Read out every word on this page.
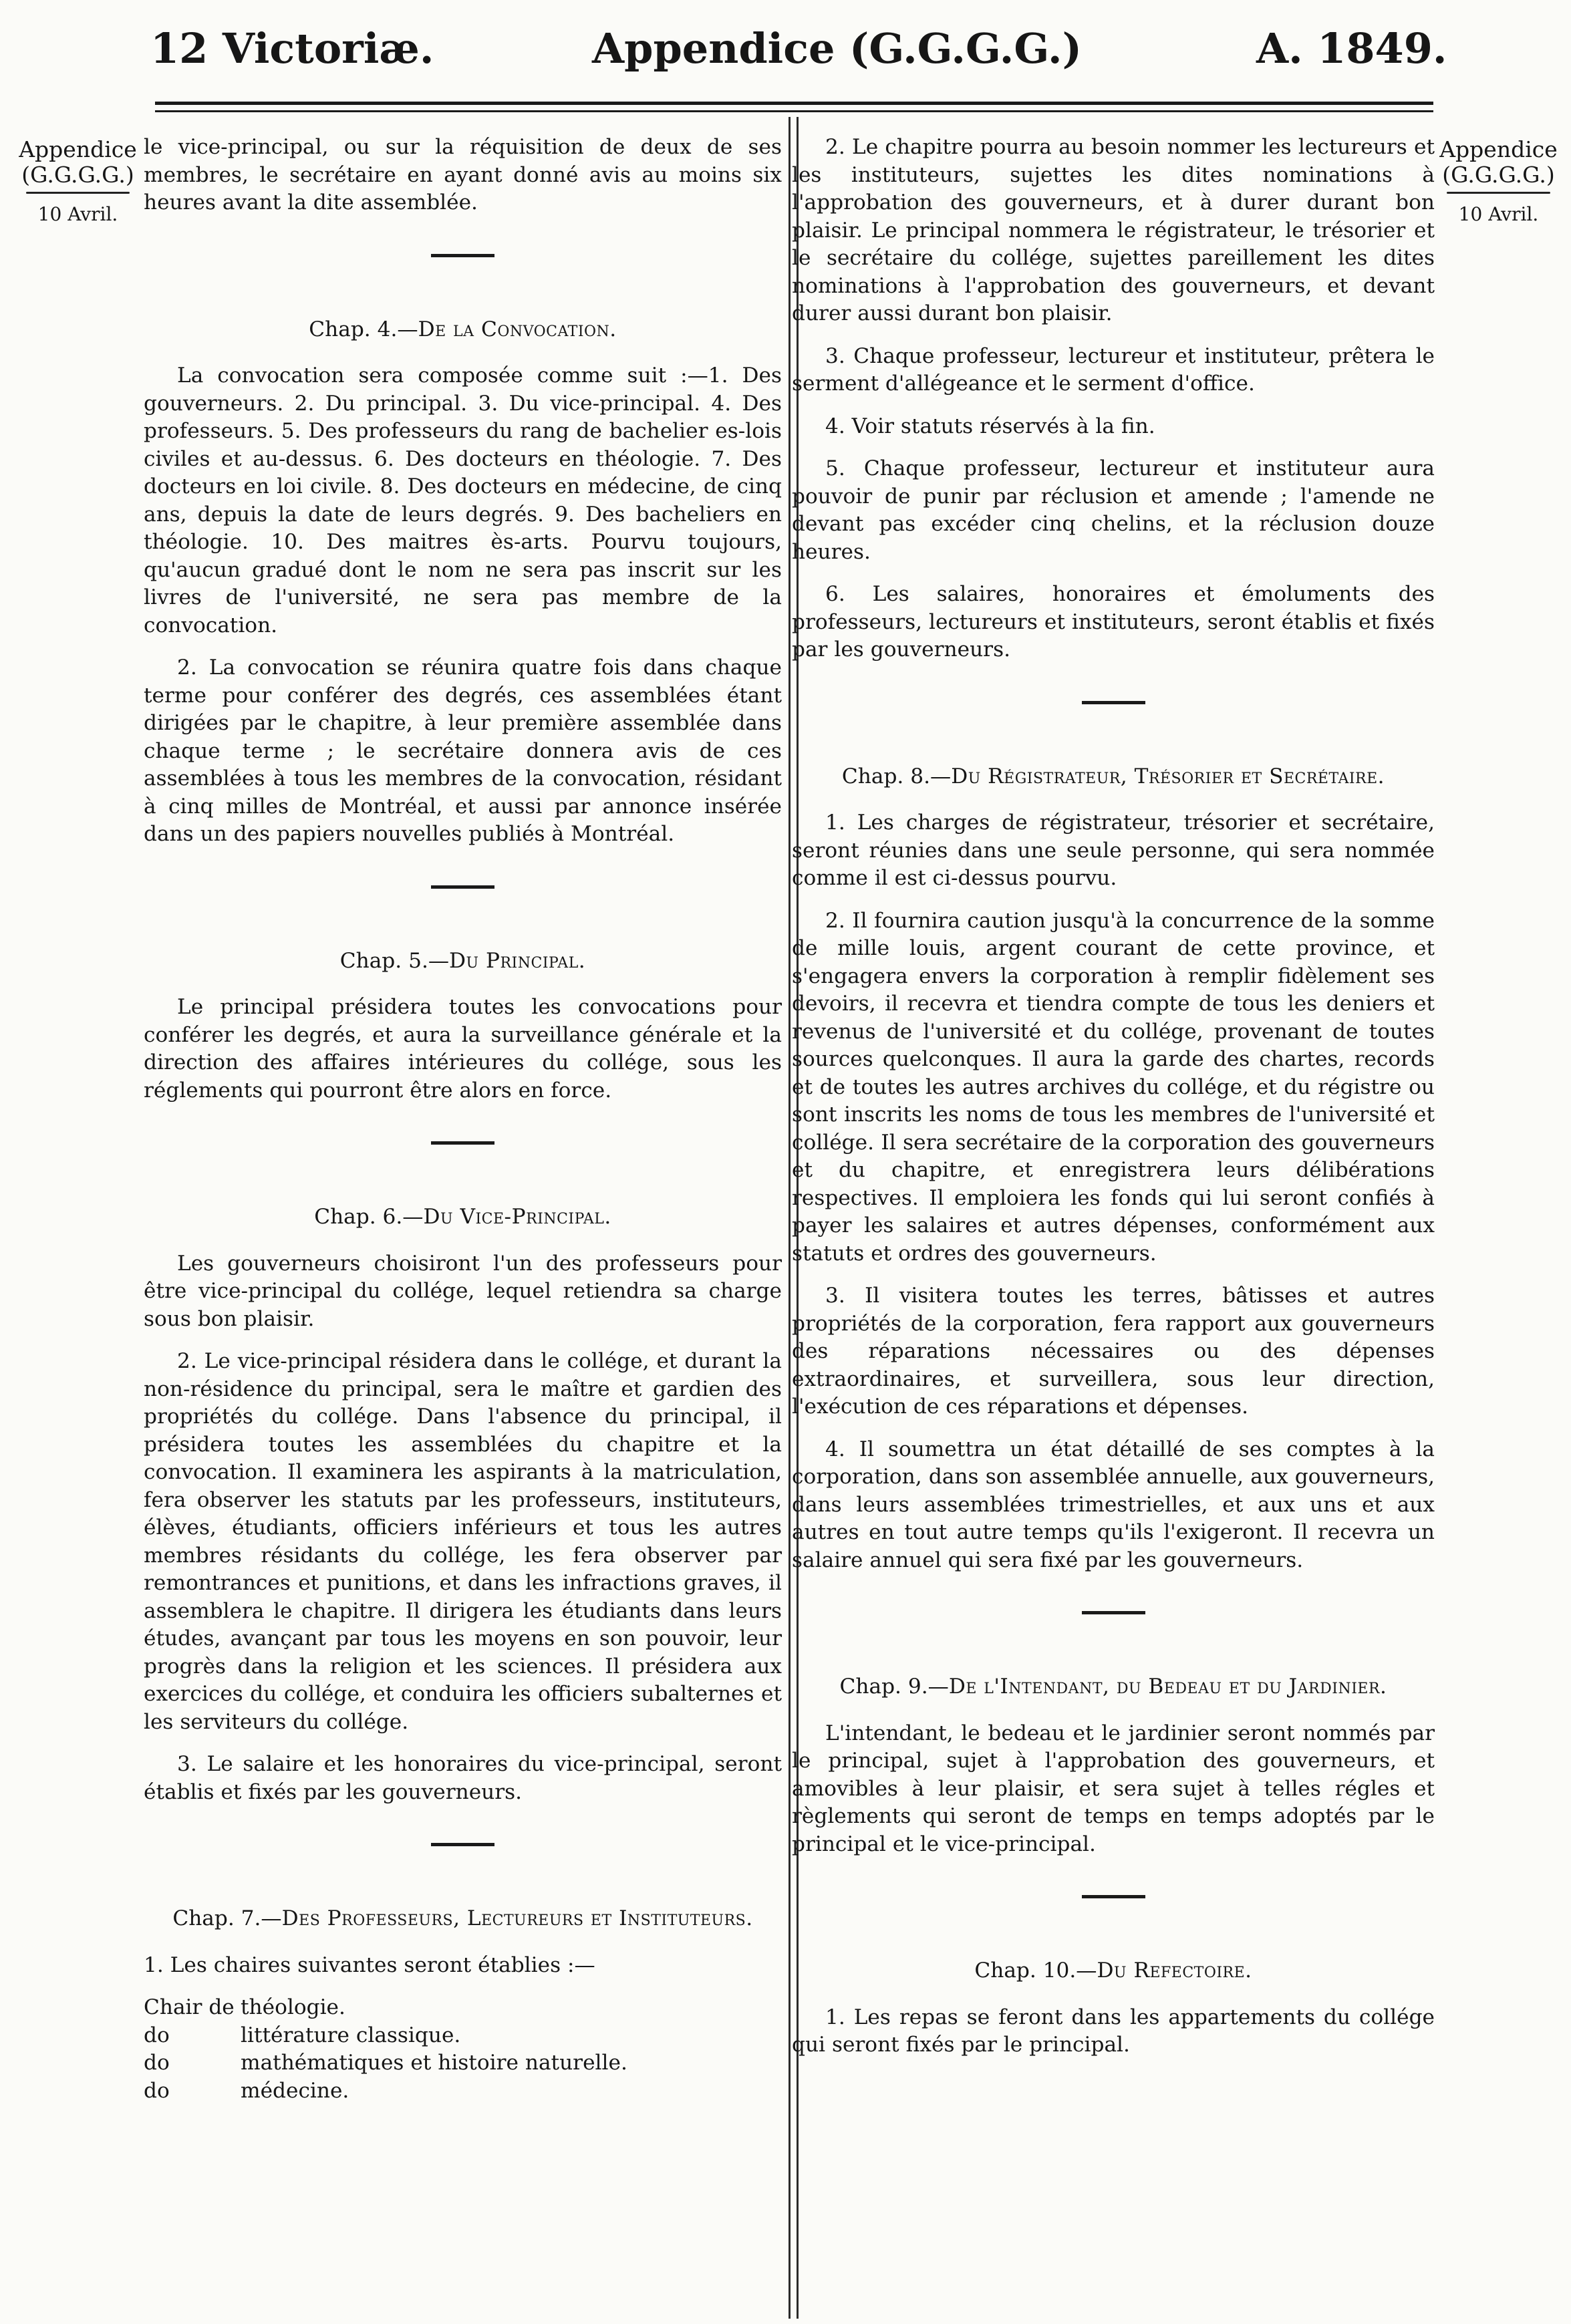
12 Victoriæ.	Appendice (G.G.G.G.)	A. 1849.
Appendice
(G.G.G.G.)
10 Avril.
Appendice
(G.G.G.G.)
10 Avril.

le vice-principal, ou sur la réquisition de deux de ses membres, le secrétaire en ayant donné avis au moins six heures avant la dite assemblée.

Chap. 4.—De la Convocation.

La convocation sera composée comme suit :—1. Des gouverneurs. 2. Du principal. 3. Du vice-principal. 4. Des professeurs. 5. Des professeurs du rang de bachelier es-lois civiles et au-dessus. 6. Des docteurs en théologie. 7. Des docteurs en loi civile. 8. Des docteurs en médecine, de cinq ans, depuis la date de leurs degrés. 9. Des bacheliers en théologie. 10. Des maitres ès-arts. Pourvu toujours, qu'aucun gradué dont le nom ne sera pas inscrit sur les livres de l'université, ne sera pas membre de la convocation.

2. La convocation se réunira quatre fois dans chaque terme pour conférer des degrés, ces assemblées étant dirigées par le chapitre, à leur première assemblée dans chaque terme ; le secrétaire donnera avis de ces assemblées à tous les membres de la convocation, résidant à cinq milles de Montréal, et aussi par annonce insérée dans un des papiers nouvelles publiés à Montréal.

Chap. 5.—Du Principal.

Le principal présidera toutes les convocations pour conférer les degrés, et aura la surveillance générale et la direction des affaires intérieures du collége, sous les réglements qui pourront être alors en force.

Chap. 6.—Du Vice-Principal.

Les gouverneurs choisiront l'un des professeurs pour être vice-principal du collége, lequel retiendra sa charge sous bon plaisir.

2. Le vice-principal résidera dans le collége, et durant la non-résidence du principal, sera le maître et gardien des propriétés du collége. Dans l'absence du principal, il présidera toutes les assemblées du chapitre et la convocation. Il examinera les aspirants à la matriculation, fera observer les statuts par les professeurs, instituteurs, élèves, étudiants, officiers inférieurs et tous les autres membres résidants du collége, les fera observer par remontrances et punitions, et dans les infractions graves, il assemblera le chapitre. Il dirigera les étudiants dans leurs études, avançant par tous les moyens en son pouvoir, leur progrès dans la religion et les sciences. Il présidera aux exercices du collége, et conduira les officiers subalternes et les serviteurs du collége.

3. Le salaire et les honoraires du vice-principal, seront établis et fixés par les gouverneurs.

Chap. 7.—Des Professeurs, Lectureurs et Instituteurs.

1. Les chaires suivantes seront établies :—

Chair de théologie.
do	littérature classique.
do	mathématiques et histoire naturelle.
do	médecine.

2. Le chapitre pourra au besoin nommer les lectureurs et les instituteurs, sujettes les dites nominations à l'approbation des gouverneurs, et à durer durant bon plaisir. Le principal nommera le régistrateur, le trésorier et le secrétaire du collége, sujettes pareillement les dites nominations à l'approbation des gouverneurs, et devant durer aussi durant bon plaisir.

3. Chaque professeur, lectureur et instituteur, prêtera le serment d'allégeance et le serment d'office.

4. Voir statuts réservés à la fin.

5. Chaque professeur, lectureur et instituteur aura pouvoir de punir par réclusion et amende ; l'amende ne devant pas excéder cinq chelins, et la réclusion douze heures.

6. Les salaires, honoraires et émoluments des professeurs, lectureurs et instituteurs, seront établis et fixés par les gouverneurs.

Chap. 8.—Du Régistrateur, Trésorier et Secrétaire.

1. Les charges de régistrateur, trésorier et secrétaire, seront réunies dans une seule personne, qui sera nommée comme il est ci-dessus pourvu.

2. Il fournira caution jusqu'à la concurrence de la somme de mille louis, argent courant de cette province, et s'engagera envers la corporation à remplir fidèlement ses devoirs, il recevra et tiendra compte de tous les deniers et revenus de l'université et du collége, provenant de toutes sources quelconques. Il aura la garde des chartes, records et de toutes les autres archives du collége, et du régistre ou sont inscrits les noms de tous les membres de l'université et collége. Il sera secrétaire de la corporation des gouverneurs et du chapitre, et enregistrera leurs délibérations respectives. Il emploiera les fonds qui lui seront confiés à payer les salaires et autres dépenses, conformément aux statuts et ordres des gouverneurs.

3. Il visitera toutes les terres, bâtisses et autres propriétés de la corporation, fera rapport aux gouverneurs des réparations nécessaires ou des dépenses extraordinaires, et surveillera, sous leur direction, l'exécution de ces réparations et dépenses.

4. Il soumettra un état détaillé de ses comptes à la corporation, dans son assemblée annuelle, aux gouverneurs, dans leurs assemblées trimestrielles, et aux uns et aux autres en tout autre temps qu'ils l'exigeront. Il recevra un salaire annuel qui sera fixé par les gouverneurs.

Chap. 9.—De l'Intendant, du Bedeau et du Jardinier.

L'intendant, le bedeau et le jardinier seront nommés par le principal, sujet à l'approbation des gouverneurs, et amovibles à leur plaisir, et sera sujet à telles régles et règlements qui seront de temps en temps adoptés par le principal et le vice-principal.

Chap. 10.—Du Refectoire.

1. Les repas se feront dans les appartements du collége qui seront fixés par le principal.
